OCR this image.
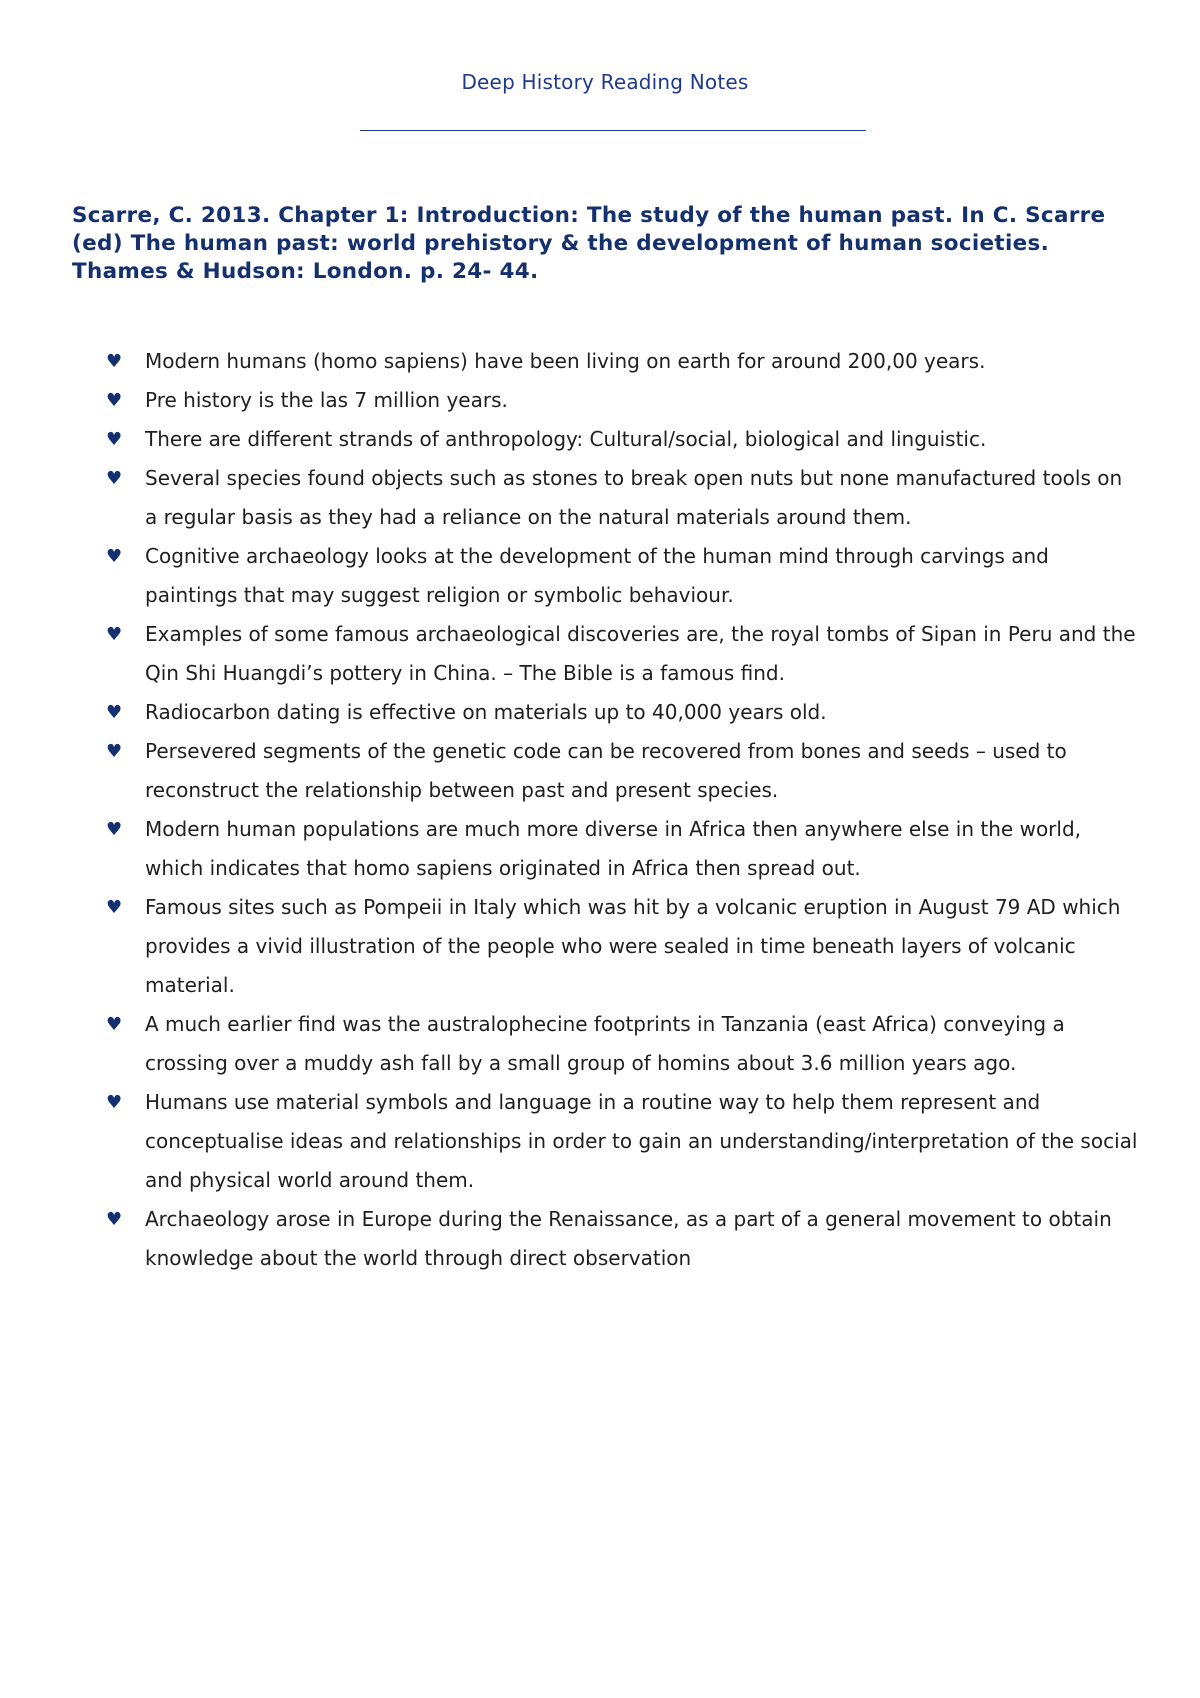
Deep History Reading Notes
Scarre, C. 2013. Chapter 1: Introduction: The study of the human past. In C. Scarre (ed) The human past: world prehistory & the development of human societies. Thames & Hudson: London. p. 24- 44.
♥ Modern humans (homo sapiens) have been living on earth for around 200,00 years.
♥ Pre history is the las 7 million years.
♥ There are different strands of anthropology: Cultural/social, biological and linguistic.
♥ Several species found objects such as stones to break open nuts but none manufactured tools on a regular basis as they had a reliance on the natural materials around them.
♥ Cognitive archaeology looks at the development of the human mind through carvings and paintings that may suggest religion or symbolic behaviour.
♥ Examples of some famous archaeological discoveries are, the royal tombs of Sipan in Peru and the Qin Shi Huangdi’s pottery in China. – The Bible is a famous find.
♥ Radiocarbon dating is effective on materials up to 40,000 years old.
♥ Persevered segments of the genetic code can be recovered from bones and seeds – used to reconstruct the relationship between past and present species.
♥ Modern human populations are much more diverse in Africa then anywhere else in the world, which indicates that homo sapiens originated in Africa then spread out.
♥ Famous sites such as Pompeii in Italy which was hit by a volcanic eruption in August 79 AD which provides a vivid illustration of the people who were sealed in time beneath layers of volcanic material.
♥ A much earlier find was the australophecine footprints in Tanzania (east Africa) conveying a crossing over a muddy ash fall by a small group of homins about 3.6 million years ago.
♥ Humans use material symbols and language in a routine way to help them represent and conceptualise ideas and relationships in order to gain an understanding/interpretation of the social and physical world around them.
♥ Archaeology arose in Europe during the Renaissance, as a part of a general movement to obtain knowledge about the world through direct observation
